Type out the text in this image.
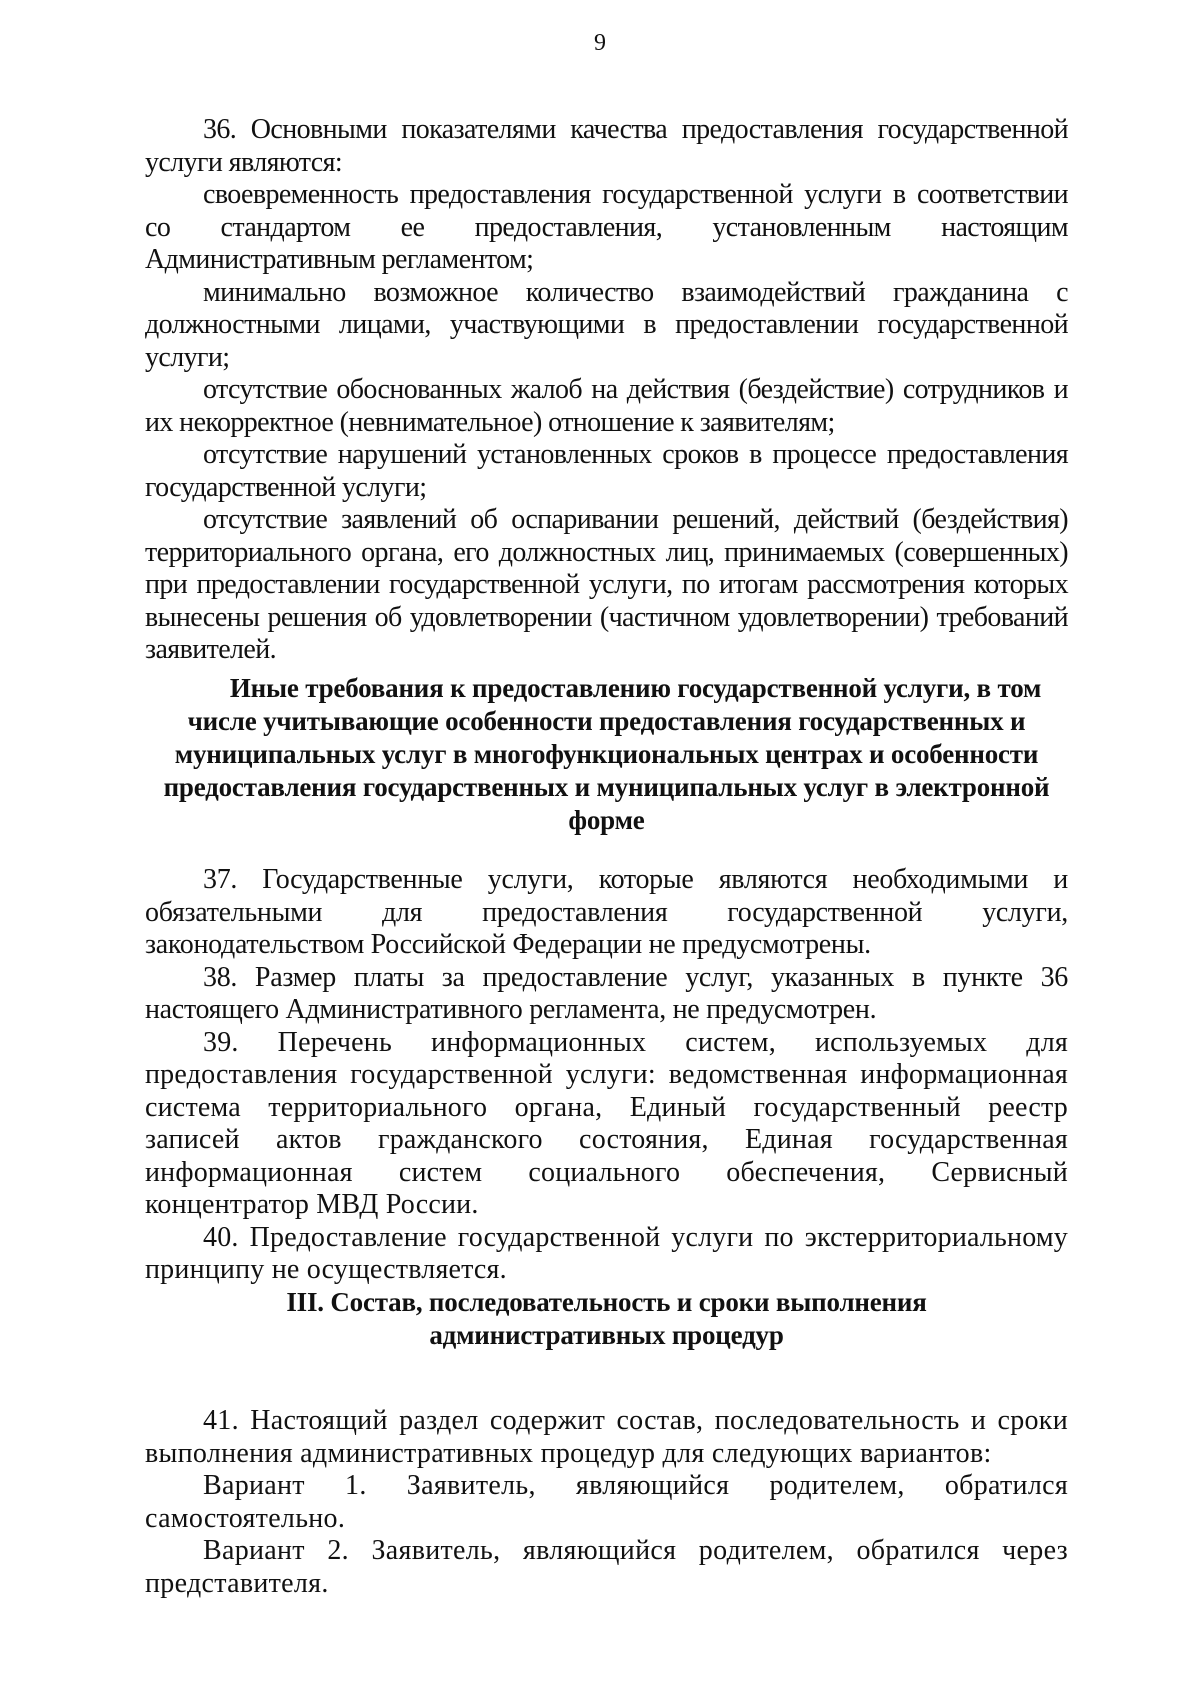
9

36. Основными показателями качества предоставления государственной услуги являются:

своевременность предоставления государственной услуги в соответствии со стандартом ее предоставления, установленным настоящим Административным регламентом;

минимально возможное количество взаимодействий гражданина с должностными лицами, участвующими в предоставлении государственной услуги;

отсутствие обоснованных жалоб на действия (бездействие) сотрудников и их некорректное (невнимательное) отношение к заявителям;

отсутствие нарушений установленных сроков в процессе предоставления государственной услуги;

отсутствие заявлений об оспаривании решений, действий (бездействия) территориального органа, его должностных лиц, принимаемых (совершенных) при предоставлении государственной услуги, по итогам рассмотрения которых вынесены решения об удовлетворении (частичном удовлетворении) требований заявителей.

Иные требования к предоставлению государственной услуги, в том
числе учитывающие особенности предоставления государственных и
муниципальных услуг в многофункциональных центрах и особенности
предоставления государственных и муниципальных услуг в электронной
форме

37. Государственные услуги, которые являются необходимыми и обязательными для предоставления государственной услуги, законодательством Российской Федерации не предусмотрены.

38. Размер платы за предоставление услуг, указанных в пункте 36 настоящего Административного регламента, не предусмотрен.

39. Перечень информационных систем, используемых для предоставления государственной услуги: ведомственная информационная система территориального органа, Единый государственный реестр записей актов гражданского состояния, Единая государственная информационная систем социального обеспечения, Сервисный концентратор МВД России.

40. Предоставление государственной услуги по экстерриториальному принципу не осуществляется.

III. Состав, последовательность и сроки выполнения
административных процедур

41. Настоящий раздел содержит состав, последовательность и сроки выполнения административных процедур для следующих вариантов:

Вариант 1. Заявитель, являющийся родителем, обратился самостоятельно.

Вариант 2. Заявитель, являющийся родителем, обратился через представителя.
